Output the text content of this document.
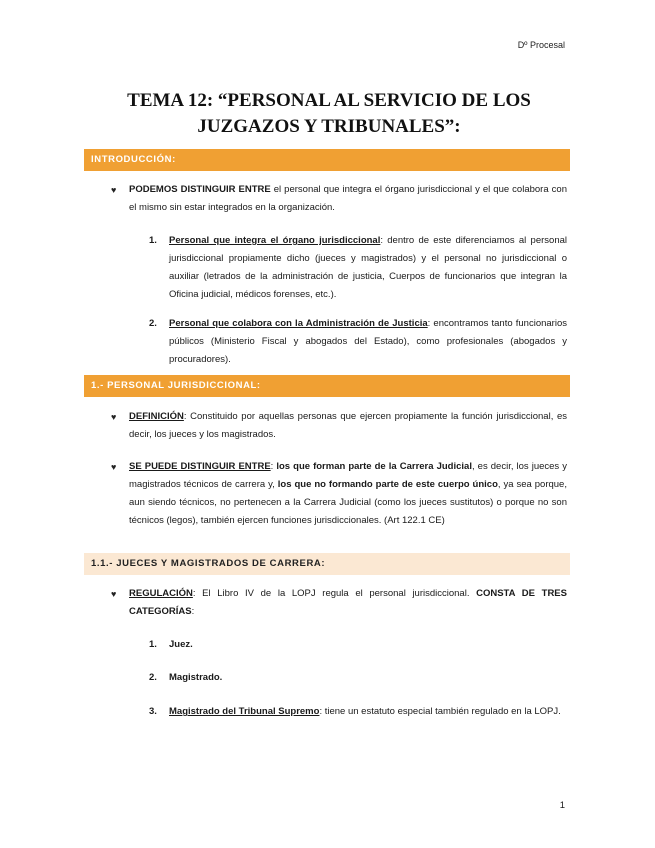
Dº Procesal
TEMA 12: “PERSONAL AL SERVICIO DE LOS
JUZGAZOS Y TRIBUNALES”:
INTRODUCCIÓN:
♥ PODEMOS DISTINGUIR ENTRE el personal que integra el órgano jurisdiccional y el que colabora con el mismo sin estar integrados en la organización.
1. Personal que integra el órgano jurisdiccional: dentro de este diferenciamos al personal jurisdiccional propiamente dicho (jueces y magistrados) y el personal no jurisdiccional o auxiliar (letrados de la administración de justicia, Cuerpos de funcionarios que integran la Oficina judicial, médicos forenses, etc.).
2. Personal que colabora con la Administración de Justicia: encontramos tanto funcionarios públicos (Ministerio Fiscal y abogados del Estado), como profesionales (abogados y procuradores).
1.- PERSONAL JURISDICCIONAL:
♥ DEFINICIÓN: Constituido por aquellas personas que ejercen propiamente la función jurisdiccional, es decir, los jueces y los magistrados.
♥ SE PUEDE DISTINGUIR ENTRE: los que forman parte de la Carrera Judicial, es decir, los jueces y magistrados técnicos de carrera y, los que no formando parte de este cuerpo único, ya sea porque, aun siendo técnicos, no pertenecen a la Carrera Judicial (como los jueces sustitutos) o porque no son técnicos (legos), también ejercen funciones jurisdiccionales. (Art 122.1 CE)
1.1.- JUECES Y MAGISTRADOS DE CARRERA:
♥ REGULACIÓN: El Libro IV de la LOPJ regula el personal jurisdiccional. CONSTA DE TRES CATEGORÍAS:
1. Juez.
2. Magistrado.
3. Magistrado del Tribunal Supremo: tiene un estatuto especial también regulado en la LOPJ.
1
